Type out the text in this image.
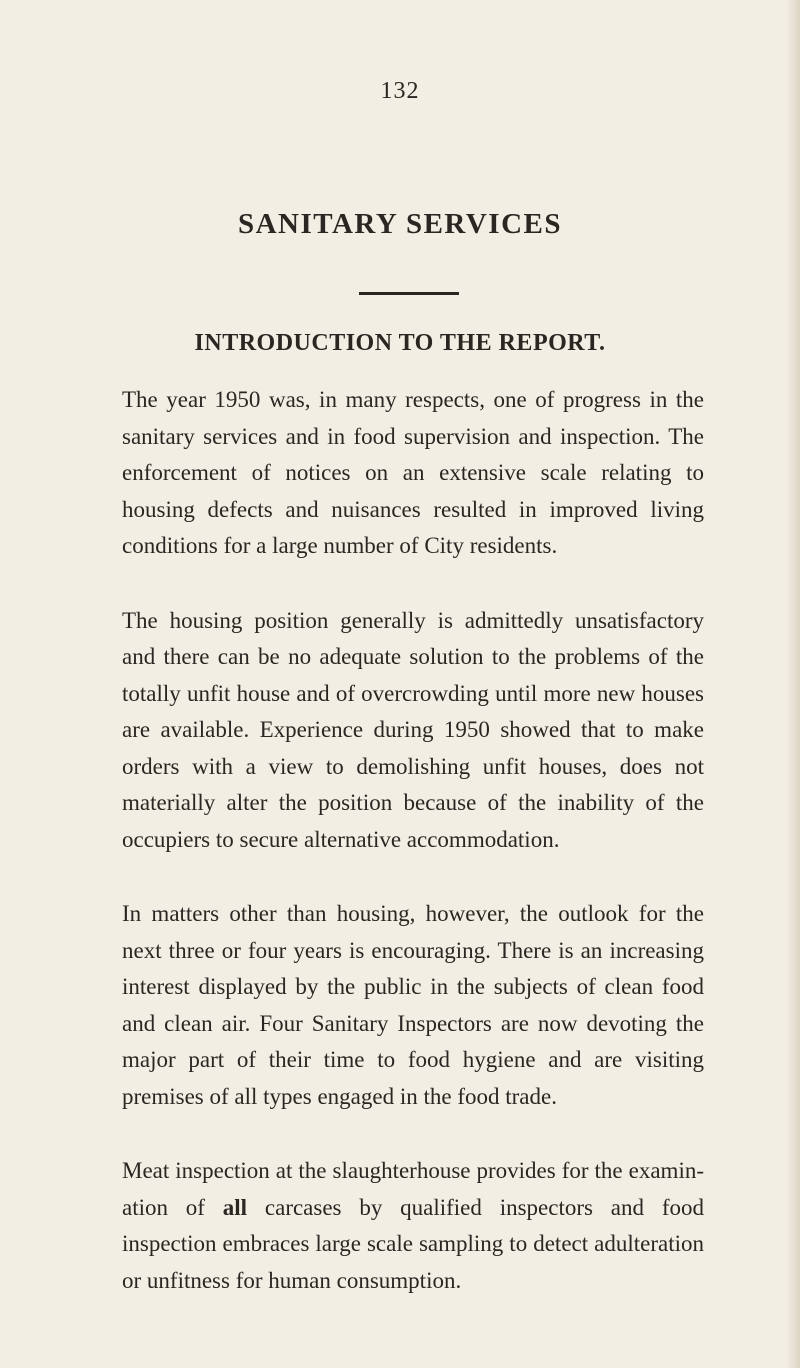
132
SANITARY SERVICES
INTRODUCTION TO THE REPORT.

The year 1950 was, in many respects, one of progress in the sanitary services and in food supervision and inspection. The enforcement of notices on an extensive scale relating to housing defects and nuisances resulted in improved living conditions for a large number of City residents.

The housing position generally is admittedly unsatisfactory and there can be no adequate solution to the problems of the totally unfit house and of overcrowding until more new houses are available. Experience during 1950 showed that to make orders with a view to demolishing unfit houses, does not materially alter the position because of the inability of the occupiers to secure alternative accommodation.

In matters other than housing, however, the outlook for the next three or four years is encouraging. There is an increasing interest displayed by the public in the subjects of clean food and clean air. Four Sanitary Inspectors are now devoting the major part of their time to food hygiene and are visiting premises of all types engaged in the food trade.

Meat inspection at the slaughterhouse provides for the examin- ation of all carcases by qualified inspectors and food inspection embraces large scale sampling to detect adulteration or unfitness for human consumption.
